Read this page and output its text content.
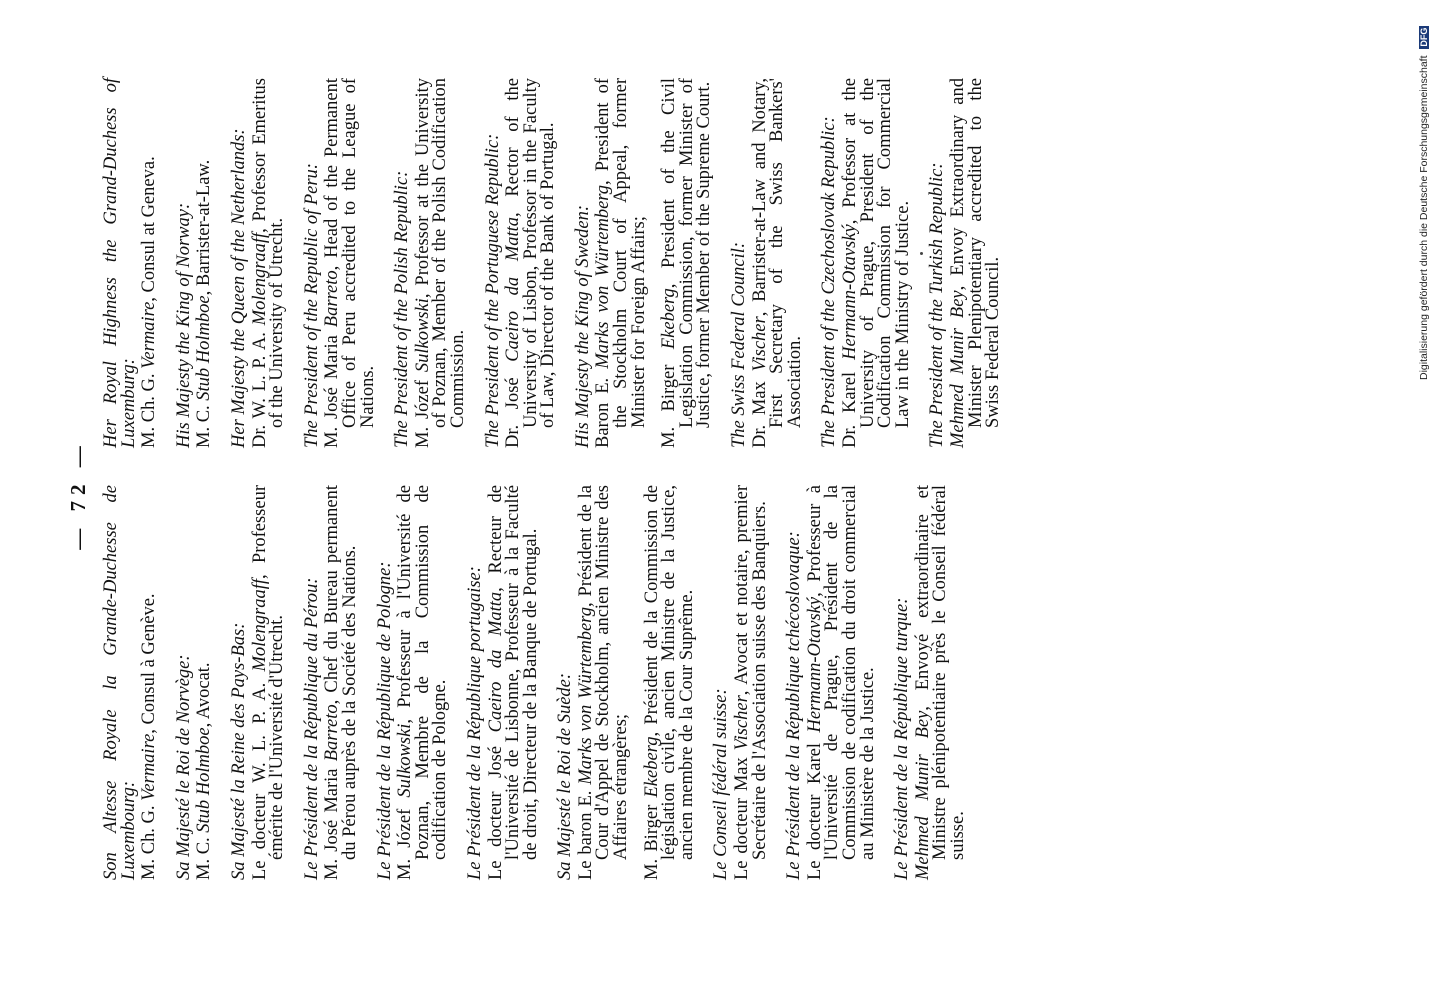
— 72 —
Son Altesse Royale la Grande-Duchesse de Luxembourg: M. Ch. G. Vermaire, Consul à Genève. Sa Majesté le Roi de Norvège: M. C. Stub Holmboe, Avocat. Sa Majesté la Reine des Pays-Bas: Le docteur W. L. P. A. Molengraaff, Professeur émérite de l'Université d'Utrecht. Le Président de la République du Pérou: M. José Maria Barreto, Chef du Bureau permanent du Pérou auprès de la Société des Nations. Le Président de la République de Pologne: M. Józef Sulkowski, Professeur à l'Université de Poznan, Membre de la Commission de codification de Pologne. Le Président de la République portugaise: Le docteur José Caeiro da Matta, Recteur de l'Université de Lisbonne, Professeur à la Faculté de droit, Directeur de la Banque de Portugal. Sa Majesté le Roi de Suède: Le baron E. Marks von Würtemberg, Président de la Cour d'Appel de Stockholm, ancien Ministre des Affaires étrangères; M. Birger Ekeberg, Président de la Commission de législation civile, ancien Ministre de la Justice, ancien membre de la Cour Suprême. Le Conseil fédéral suisse: Le docteur Max Vischer, Avocat et notaire, premier Secrétaire de l'Association suisse des Banquiers. Le Président de la République tchécoslovaque: Le docteur Karel Hermann-Otavský, Professeur à l'Université de Prague, Président de la Commission de codification du droit commercial au Ministère de la Justice. Le Président de la République turque: Mehmed Munir Bey, Envoyé extraordinaire et Ministre plénipotentiaire près le Conseil fédéral suisse.
Her Royal Highness the Grand-Duchess of Luxemburg: M. Ch. G. Vermaire, Consul at Geneva. His Majesty the King of Norway: M. C. Stub Holmboe, Barrister-at-Law. Her Majesty the Queen of the Netherlands: Dr. W. L. P. A. Molengraaff, Professor Emeritus of the University of Utrecht. The President of the Republic of Peru: M. José Maria Barreto, Head of the Permanent Office of Peru accredited to the League of Nations. The President of the Polish Republic: M. Józef Sulkowski, Professor at the University of Poznan, Member of the Polish Codification Commission. The President of the Portuguese Republic: Dr. José Caeiro da Matta, Rector of the University of Lisbon, Professor in the Faculty of Law, Director of the Bank of Portugal. His Majesty the King of Sweden: Baron E. Marks von Würtemberg, President of the Stockholm Court of Appeal, former Minister for Foreign Affairs; M. Birger Ekeberg, President of the Civil Legislation Commission, former Minister of Justice, former Member of the Supreme Court. The Swiss Federal Council: Dr. Max Vischer, Barrister-at-Law and Notary, First Secretary of the Swiss Bankers' Association. The President of the Czechoslovak Republic: Dr. Karel Hermann-Otavský, Professor at the University of Prague, President of the Codification Commission for Commercial Law in the Ministry of Justice. The President of the Turkish Republic: Mehmed Munir Bey, Envoy Extraordinary and Minister Plenipotentiary accredited to the Swiss Federal Council.	Digitalisierung gefördert durch die Deutsche Forschungsgemeinschaft DFG
